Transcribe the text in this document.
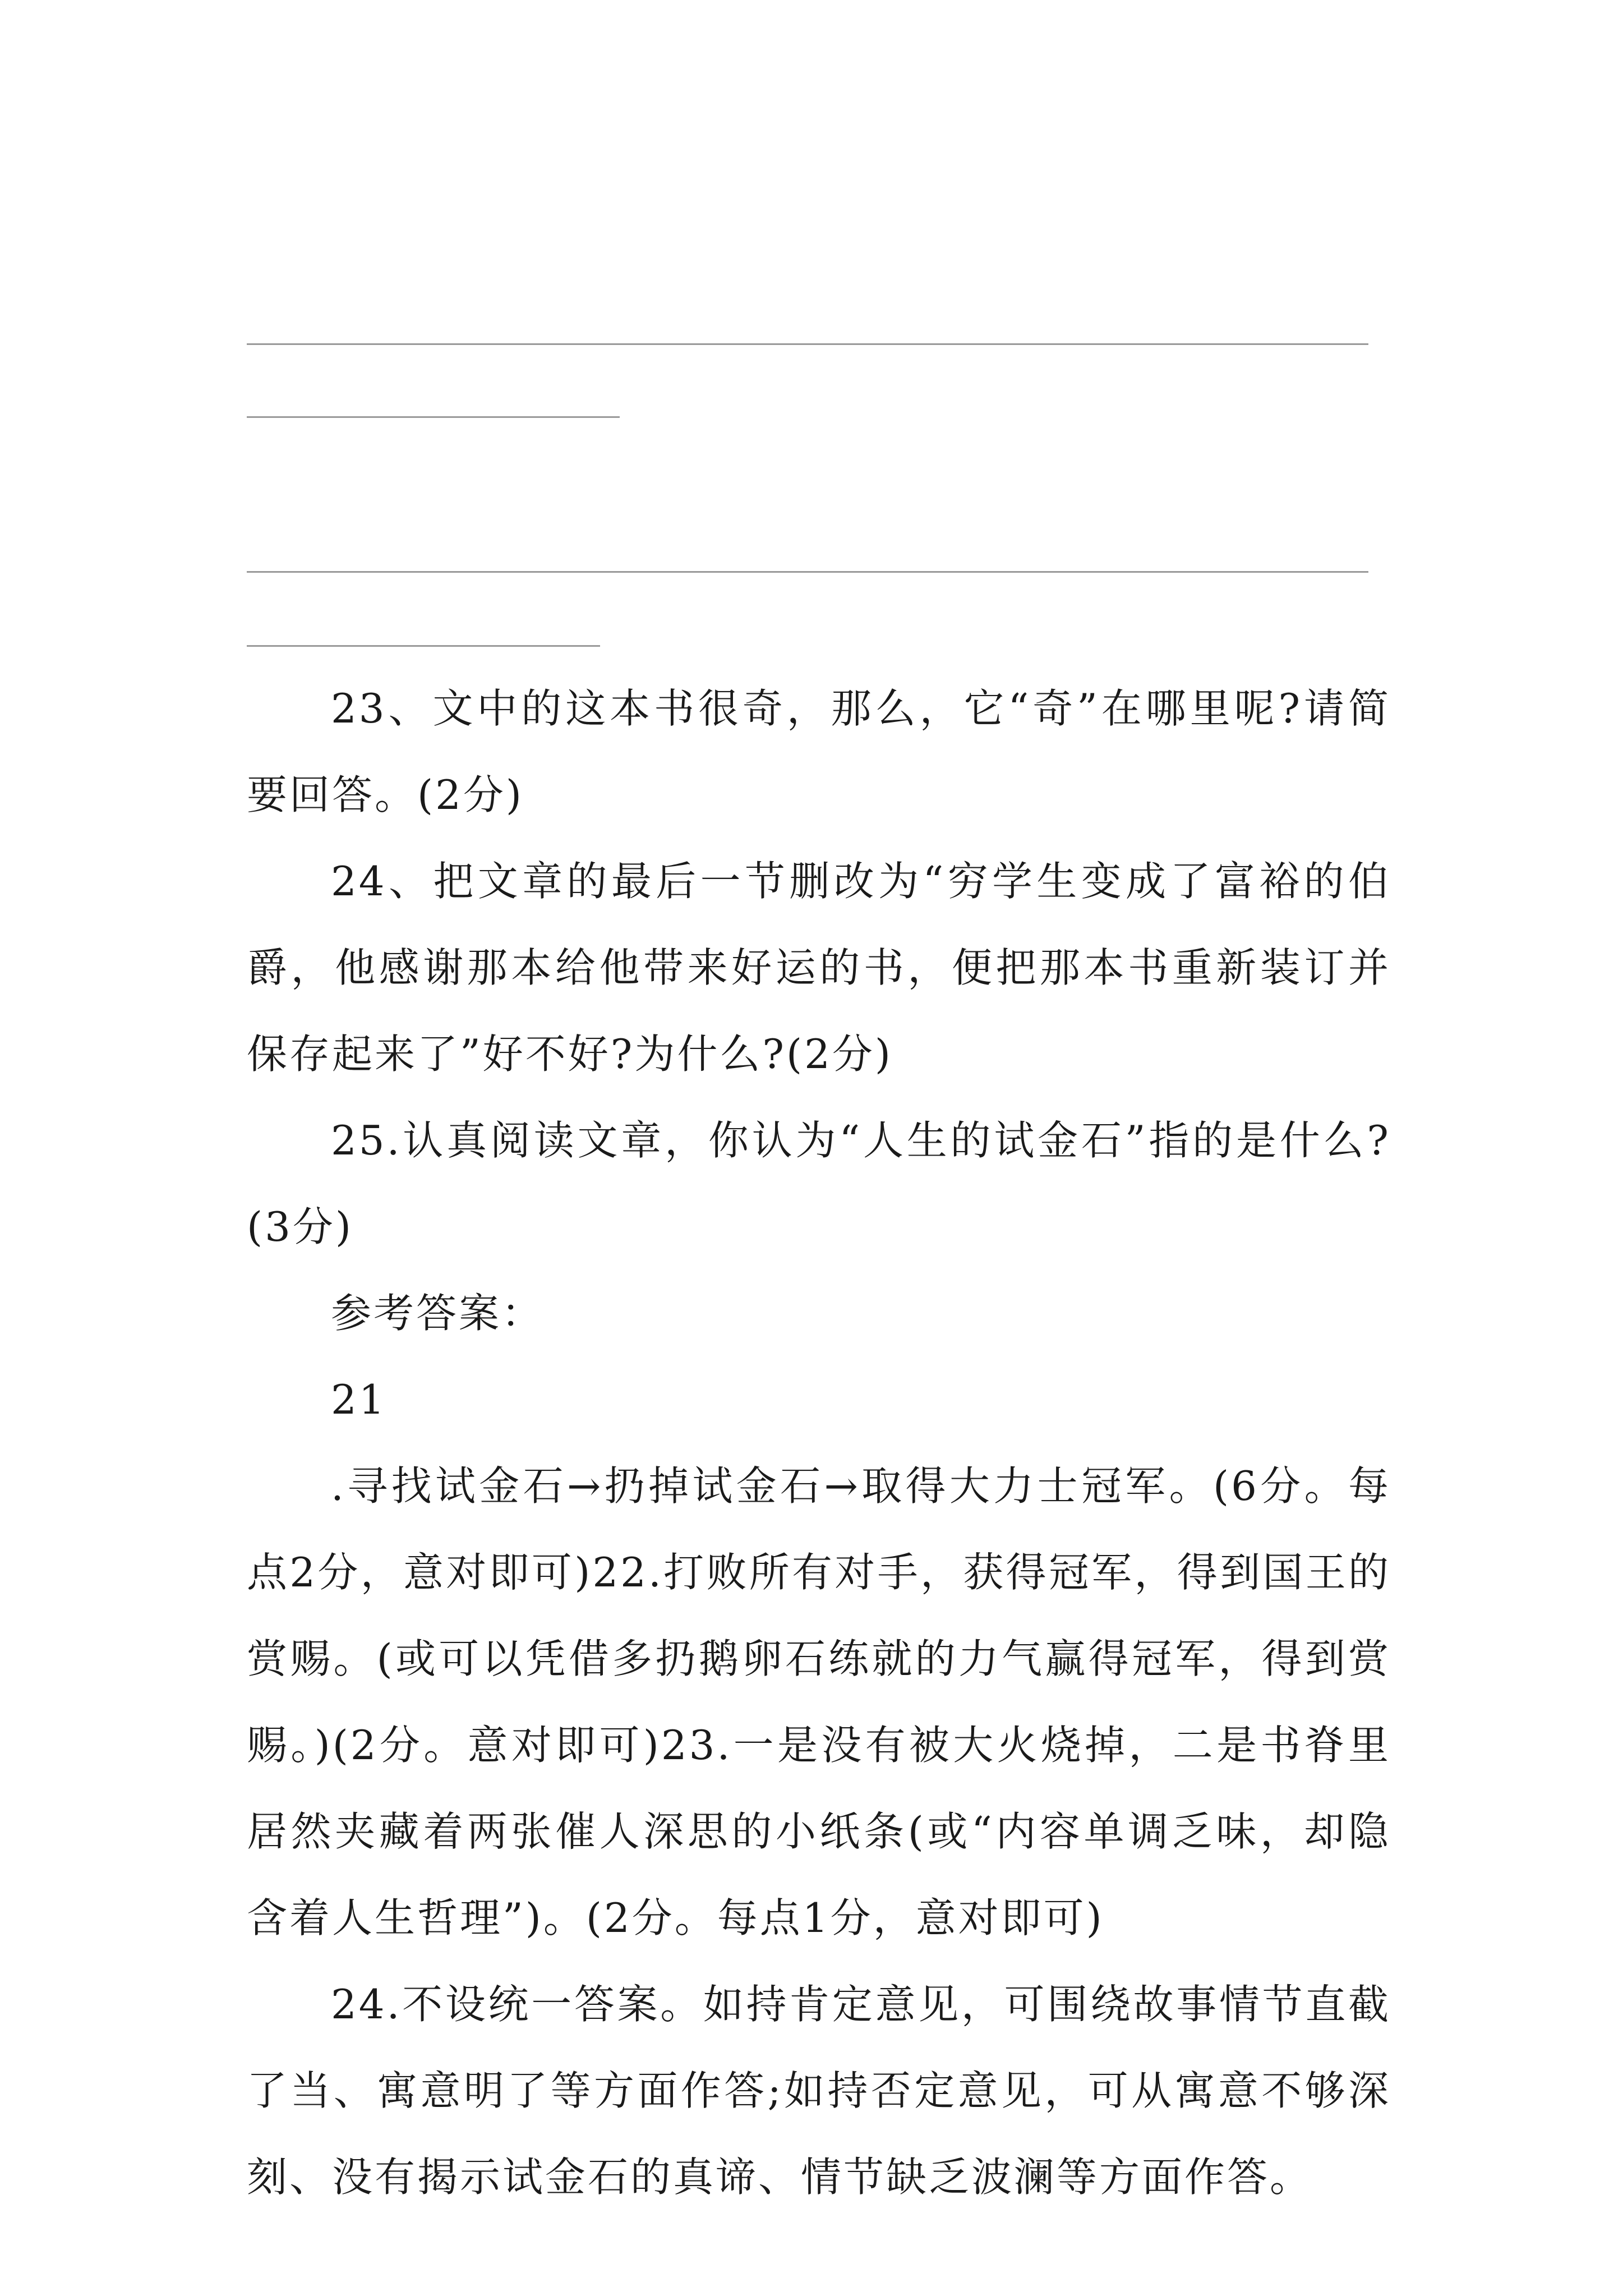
23、文中的这本书很奇，那么，它“奇”在哪里呢?请简要回答。(2分)

24、把文章的最后一节删改为“穷学生变成了富裕的伯爵，他感谢那本给他带来好运的书，便把那本书重新装订并保存起来了”好不好?为什么?(2分)

25.认真阅读文章，你认为“人生的试金石”指的是什么?(3分)

参考答案：

21

.寻找试金石→扔掉试金石→取得大力士冠军。(6分。每点2分，意对即可)22.打败所有对手，获得冠军，得到国王的赏赐。(或可以凭借多扔鹅卵石练就的力气赢得冠军，得到赏赐。)(2分。意对即可)23.一是没有被大火烧掉，二是书脊里居然夹藏着两张催人深思的小纸条(或“内容单调乏味，却隐含着人生哲理”)。(2分。每点1分，意对即可)

24.不设统一答案。如持肯定意见，可围绕故事情节直截了当、寓意明了等方面作答;如持否定意见，可从寓意不够深刻、没有揭示试金石的真谛、情节缺乏波澜等方面作答。
